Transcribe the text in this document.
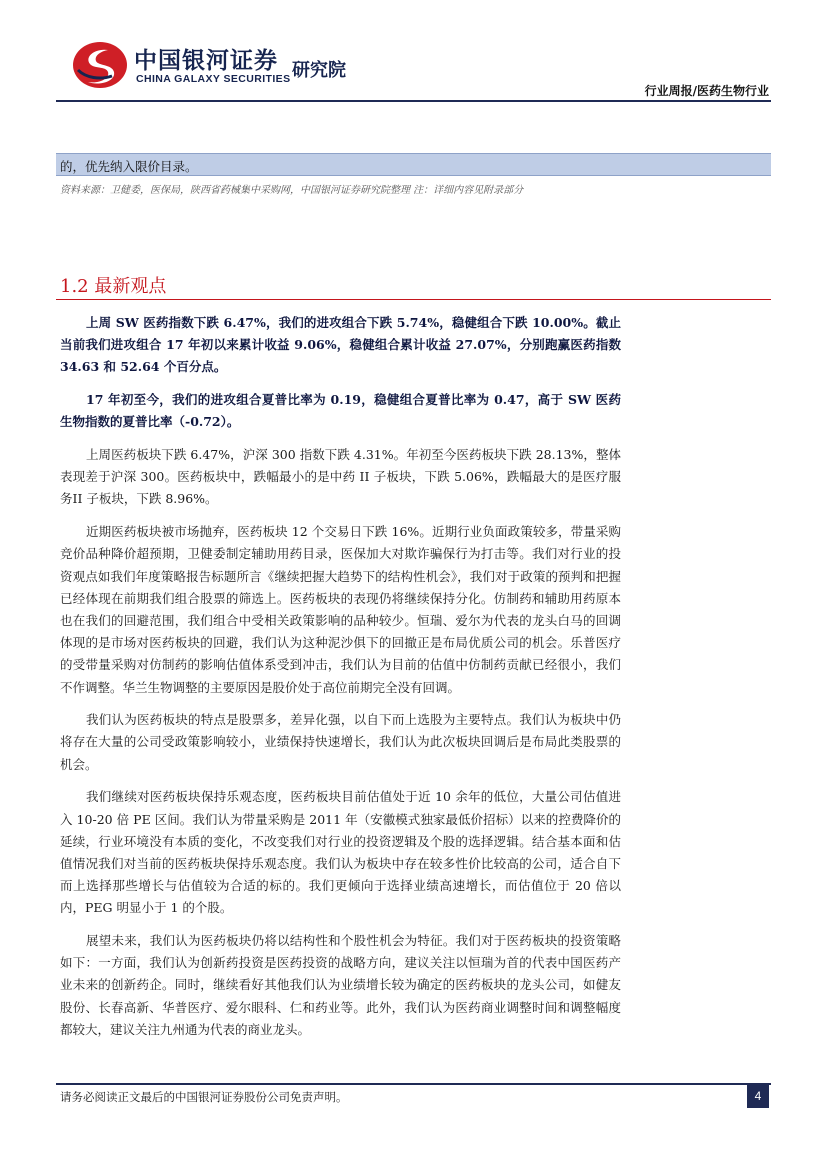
中国银河证券
CHINA GALAXY SECURITIES 研究院
行业周报/医药生物行业
的，优先纳入限价目录。
资料来源：卫健委，医保局，陕西省药械集中采购网，中国银河证券研究院整理 注：详细内容见附录部分
1.2 最新观点

上周 SW 医药指数下跌 6.47%，我们的进攻组合下跌 5.74%，稳健组合下跌 10.00%。截止当前我们进攻组合 17 年初以来累计收益 9.06%，稳健组合累计收益 27.07%，分别跑赢医药指数 34.63 和 52.64 个百分点。

17 年初至今，我们的进攻组合夏普比率为 0.19，稳健组合夏普比率为 0.47，高于 SW 医药生物指数的夏普比率（-0.72）。

上周医药板块下跌 6.47%，沪深 300 指数下跌 4.31%。年初至今医药板块下跌 28.13%，整体表现差于沪深 300。医药板块中，跌幅最小的是中药 II 子板块，下跌 5.06%，跌幅最大的是医疗服务II 子板块，下跌 8.96%。

近期医药板块被市场抛弃，医药板块 12 个交易日下跌 16%。近期行业负面政策较多，带量采购竞价品种降价超预期，卫健委制定辅助用药目录，医保加大对欺诈骗保行为打击等。我们对行业的投资观点如我们年度策略报告标题所言《继续把握大趋势下的结构性机会》，我们对于政策的预判和把握已经体现在前期我们组合股票的筛选上。医药板块的表现仍将继续保持分化。仿制药和辅助用药原本也在我们的回避范围，我们组合中受相关政策影响的品种较少。恒瑞、爱尔为代表的龙头白马的回调体现的是市场对医药板块的回避，我们认为这种泥沙俱下的回撤正是布局优质公司的机会。乐普医疗的受带量采购对仿制药的影响估值体系受到冲击，我们认为目前的估值中仿制药贡献已经很小，我们不作调整。华兰生物调整的主要原因是股价处于高位前期完全没有回调。

我们认为医药板块的特点是股票多，差异化强，以自下而上选股为主要特点。我们认为板块中仍将存在大量的公司受政策影响较小，业绩保持快速增长，我们认为此次板块回调后是布局此类股票的机会。

我们继续对医药板块保持乐观态度，医药板块目前估值处于近 10 余年的低位，大量公司估值进入 10-20 倍 PE 区间。我们认为带量采购是 2011 年（安徽模式独家最低价招标）以来的控费降价的延续，行业环境没有本质的变化，不改变我们对行业的投资逻辑及个股的选择逻辑。结合基本面和估值情况我们对当前的医药板块保持乐观态度。我们认为板块中存在较多性价比较高的公司，适合自下而上选择那些增长与估值较为合适的标的。我们更倾向于选择业绩高速增长，而估值位于 20 倍以内，PEG 明显小于 1 的个股。

展望未来，我们认为医药板块仍将以结构性和个股性机会为特征。我们对于医药板块的投资策略如下：一方面，我们认为创新药投资是医药投资的战略方向，建议关注以恒瑞为首的代表中国医药产业未来的创新药企。同时，继续看好其他我们认为业绩增长较为确定的医药板块的龙头公司，如健友股份、长春高新、华普医疗、爱尔眼科、仁和药业等。此外，我们认为医药商业调整时间和调整幅度都较大，建议关注九州通为代表的商业龙头。

请务必阅读正文最后的中国银河证券股份公司免责声明。	4
